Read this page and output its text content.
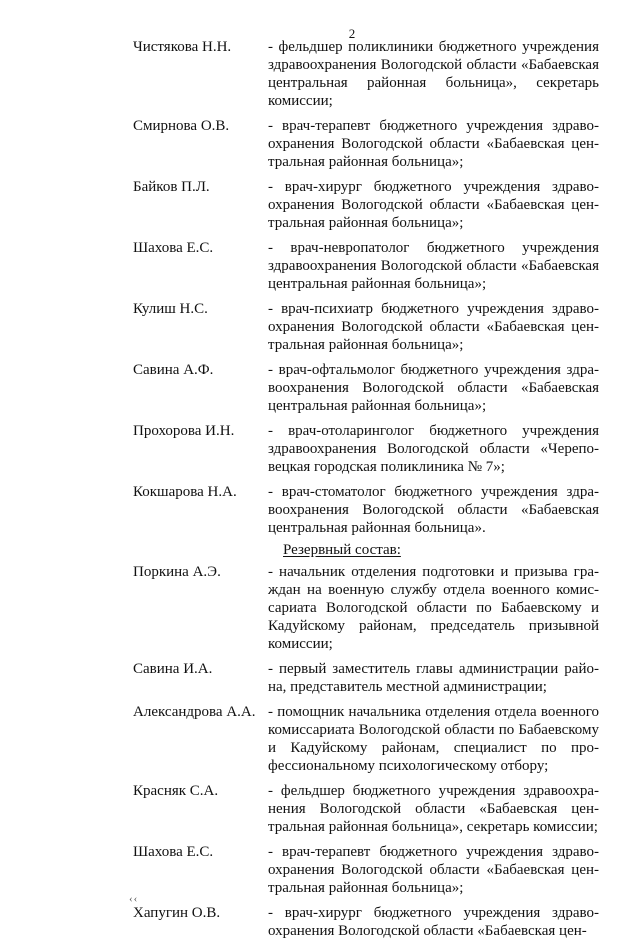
2
Чистякова Н.Н.	- фельдшер поликлиники бюджетного учреждения здравоохранения Вологодской области «Бабаевская центральная районная больница», секретарь комиссии;
Смирнова О.В.	- врач-терапевт бюджетного учреждения здравоохранения Вологодской области «Бабаевская центральная районная больница»;
Байков П.Л.	- врач-хирург бюджетного учреждения здравоохранения Вологодской области «Бабаевская центральная районная больница»;
Шахова Е.С.	- врач-невропатолог бюджетного учреждения здравоохранения Вологодской области «Бабаевская центральная районная больница»;
Кулиш Н.С.	- врач-психиатр бюджетного учреждения здравоохранения Вологодской области «Бабаевская центральная районная больница»;
Савина А.Ф.	- врач-офтальмолог бюджетного учреждения здравоохранения Вологодской области «Бабаевская центральная районная больница»;
Прохорова И.Н.	- врач-отоларинголог бюджетного учреждения здравоохранения Вологодской области «Череповецкая городская поликлиника № 7»;
Кокшарова Н.А.	- врач-стоматолог бюджетного учреждения здравоохранения Вологодской области «Бабаевская центральная районная больница».
Резервный состав:
Поркина А.Э.	- начальник отделения подготовки и призыва граждан на военную службу отдела военного комиссариата Вологодской области по Бабаевскому и Кадуйскому районам, председатель призывной комиссии;
Савина И.А.	- первый заместитель главы администрации района, представитель местной администрации;
Александрова А.А. - помощник начальника отделения отдела военного комиссариата Вологодской области по Бабаевскому и Кадуйскому районам, специалист по профессиональному психологическому отбору;
Красняк С.А.	- фельдшер бюджетного учреждения здравоохранения Вологодской области «Бабаевская центральная районная больница», секретарь комиссии;
Шахова Е.С.	- врач-терапевт бюджетного учреждения здравоохранения Вологодской области «Бабаевская центральная районная больница»;
Хапугин О.В.	- врач-хирург бюджетного учреждения здравоохранения Вологодской области «Бабаевская цен-
‹‹
